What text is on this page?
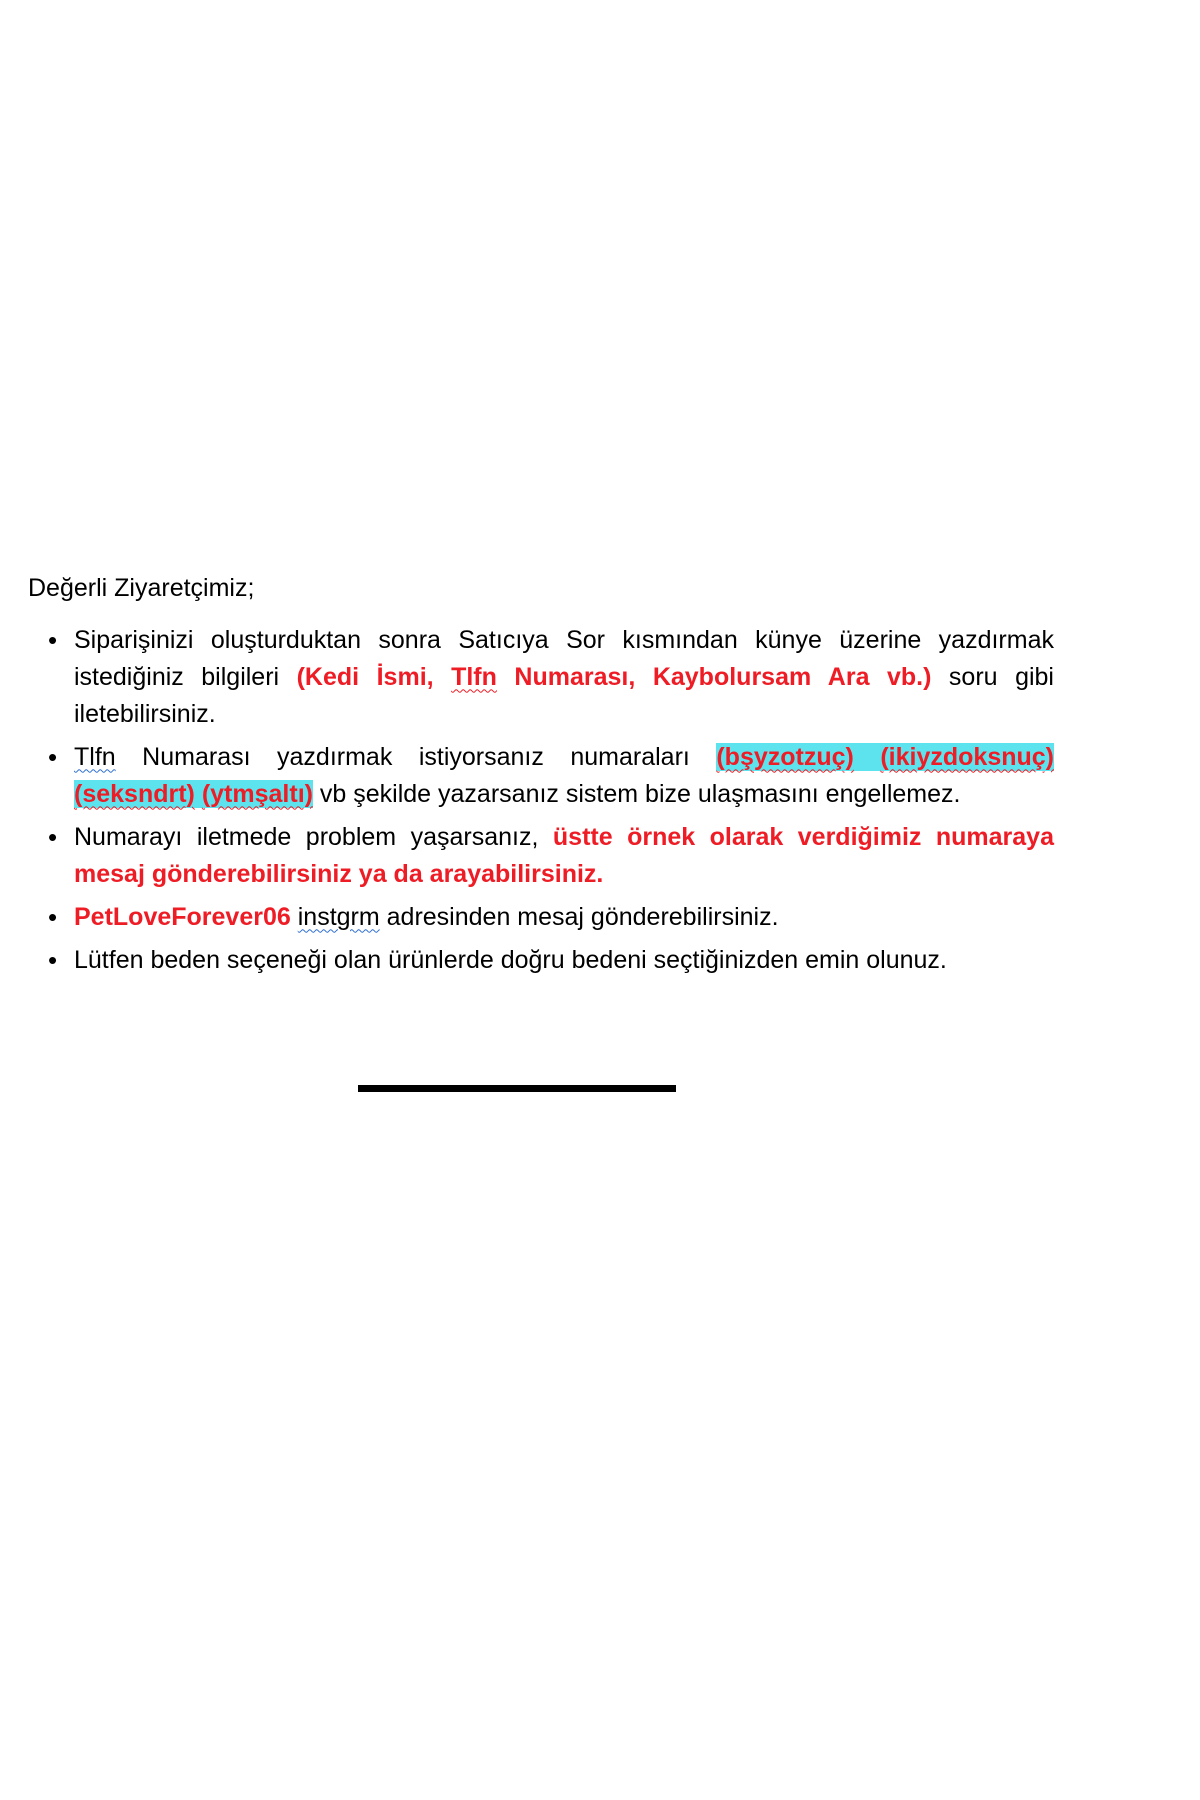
Değerli Ziyaretçimiz;

• Siparişinizi oluşturduktan sonra Satıcıya Sor kısmından künye üzerine yazdırmak istediğiniz bilgileri (Kedi İsmi, Tlfn Numarası, Kaybolursam Ara vb.) soru gibi iletebilirsiniz.
• Tlfn Numarası yazdırmak istiyorsanız numaraları (bşyzotzuç) (ikiyzdoksnuç) (seksndrt) (ytmşaltı) vb şekilde yazarsanız sistem bize ulaşmasını engellemez.
• Numarayı iletmede problem yaşarsanız, üstte örnek olarak verdiğimiz numaraya mesaj gönderebilirsiniz ya da arayabilirsiniz.
• PetLoveForever06 instgrm adresinden mesaj gönderebilirsiniz.
• Lütfen beden seçeneği olan ürünlerde doğru bedeni seçtiğinizden emin olunuz.
